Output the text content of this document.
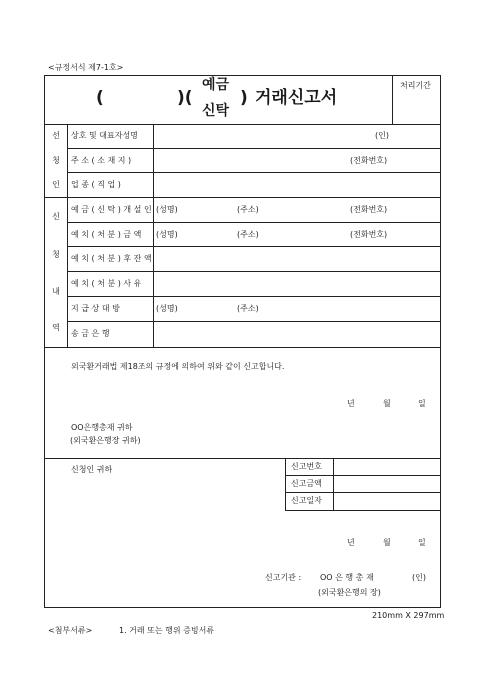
<규정서식 제7-1호>
(	)(
예금
신탁
) 거래신고서
처리기간
선
청
인
상호 및 대표자성명	(인)
주 소 ( 소 재 지 )	(전화번호)
업 종 ( 직 업 )
신
청
내
역
예 금 ( 신 탁 ) 개 설 인 (성명)	(주소)	(전화번호)
예 치 ( 처 분 ) 금 액 (성명)	(주소)	(전화번호)
예 치 ( 처 분 ) 후 잔 액
예 치 ( 처 분 ) 사 유
지 급 상 대 방	(성명)	(주소)
송 금 은 행
외국환거래법 제18조의 규정에 의하여 위와 같이 신고합니다.
년	월	일
OO은행총재 귀하
(외국환은행장 귀하)
신청인 귀하	신고번호
신고금액
신고일자
년	월	일
신고기관 : OO 은 행 총 재	(인)
(외국환은행의 장)
210mm X 297mm
<첨부서류>	1. 거래 또는 행위 증빙서류
